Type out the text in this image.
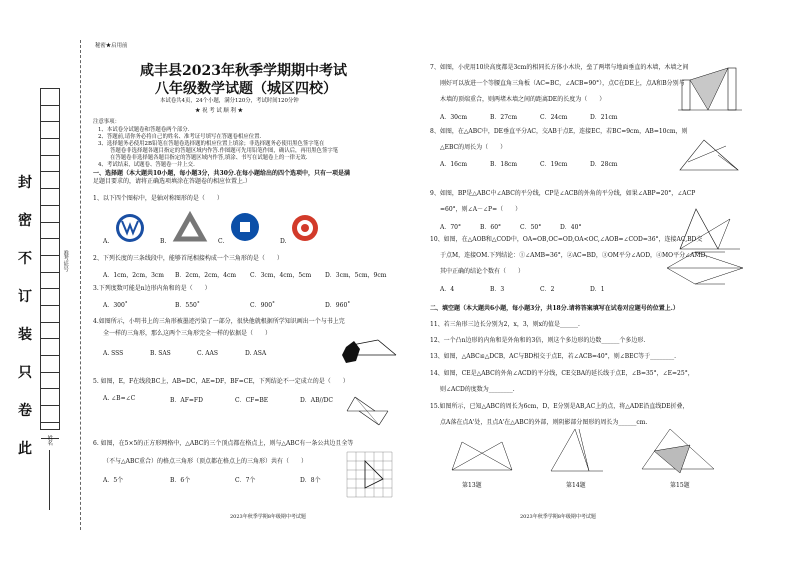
秘密★启用前
准考证号
姓名
封
密
不
订
装
只
卷
此
咸丰县2023年秋季学期期中考试
八年级数学试题（城区四校）
本试卷共4页，24个小题，满分120分，考试时间120分钟
★ 祝 考 试 顺 利 ★
注意事项：
1、本试卷分试题卷和答题卷两个部分.
2、答题前,请你务必将自己的姓名、准考证号填写在答题卷相应位置.
3、选择题务必使用2B铅笔在答题卷选择题的相应位置上填涂；非选择题务必使用黑色签字笔在
答题卷非选择题各题目指定的答题区域内作答.作图题可先用铅笔作图，确认后，再用黑色签字笔
在答题卷非选择题各题目指定的答题区域内作答,填涂、书写在试题卷上的一律无效.
4、考试结束，试题卷、答题卷一并上交.
一、选择题（本大题共10小题，每小题3分，共30分.在每小题给出的四个选项中，只有一项是满
足题目要求的，请将正确选项填涂在答题卷的相应位置上.）
1、以下四个图标中，是轴对称图形的是（　　）
A.	B.	C.	D.
2、下列长度的三条线段中，能够首尾相接构成一个三角形的是（　　）
A．1cm，2cm，3cm B．2cm，2cm，4cm C．3cm，4cm，5cm D．3cm，5cm，9cm
3.下列度数可能是n边形内角和的是（　　）
A．300˚	B．550˚	C．900˚	D．960˚
4.如图所示，小明书上的三角形被墨迹污染了一部分，很快他就根据所学知识画出一个与书上完
全一样的三角形，那么这两个三角形完全一样的依据是（　　）
A. SSS	B. SAS	C. AAS	D. ASA
5. 如图，E，F在线段BC上，AB=DC，AE=DF，BF=CE，下列结论不一定成立的是（　　）
A. ∠B=∠C	B．AF=FD	C．CF=BE	D．AB//DC
6. 如图，在5×5的正方形网格中，△ABC的三个顶点都在格点上，则与△ABC有一条公共边且全等
（不与△ABC重合）的格点三角形（顶点都在格点上的三角形）共有（　　）
A．5个	B．6个	C．7个	D．8个
2023年秋季学期8年级期中考试题
7、如图，小虎用10块高度都是3cm的相同长方体小木块，垒了两堵与地面垂直的木墙，木墙之间
刚好可以放进一个等腰直角三角板（AC=BC，∠ACB=90°），点C在DE上，点A和B分别与
木墙的顶端重合，则两堵木墙之间的距离DE的长度为（　　）
A．30cm	B．27cm	C．24cm	D．21cm
8、如图，在△ABC中，DE垂直平分AC，交AB于点E，连接EC，若BC=9cm，AB=10cm，则
△EBC的周长为（　　）
A．16cm	B．18cm	C．19cm	D．28cm
9、如图，BP是△ABC中∠ABC的平分线，CP是∠ACB的外角的平分线，如果∠ABP=20°，∠ACP
=60°，则∠A－∠P=（　　）
A．70°	B．60°	C．50°	D．40°
10、如图，在△AOB和△COD中，OA=OB,OC=OD,OA<OC,∠AOB=∠COD=36°，连接AC,BD交
于点M，连接OM.下列结论：①∠AMB=36°，②AC=BD，③OM平分∠AOD，④MO平分∠AMD，
其中正确的结论个数有（　　）
A．4	B．3	C．2	D．1
二、填空题（本大题共6小题，每小题3分，共18分.请将答案填写在试卷对应题号的位置上.）
11、若三角形三边长分别为2，x，3，则x的值是______.
12、一个凸n边形的内角和是外角和的3倍，则这个多边形的边数______个多边形.
13、如图，△ABC≌△DCB，AC与BD相交于点E，若∠ACB=40°，则∠BEC等于________.
14、如图，CE是△ABC的外角∠ACD的平分线，CE交BA的延长线于点E，∠B=35°，∠E=25°，
则∠ACD的度数为________.
15.如图所示，已知△ABC的周长为6cm，D，E分别是AB,AC上的点，将△ADE沿直线DE折叠，
点A落在点A'处，且点A'在△ABC的外部，则阴影部分图形的周长为______cm.
第13题	第14题	第15题
2023年秋季学期8年级期中考试题
